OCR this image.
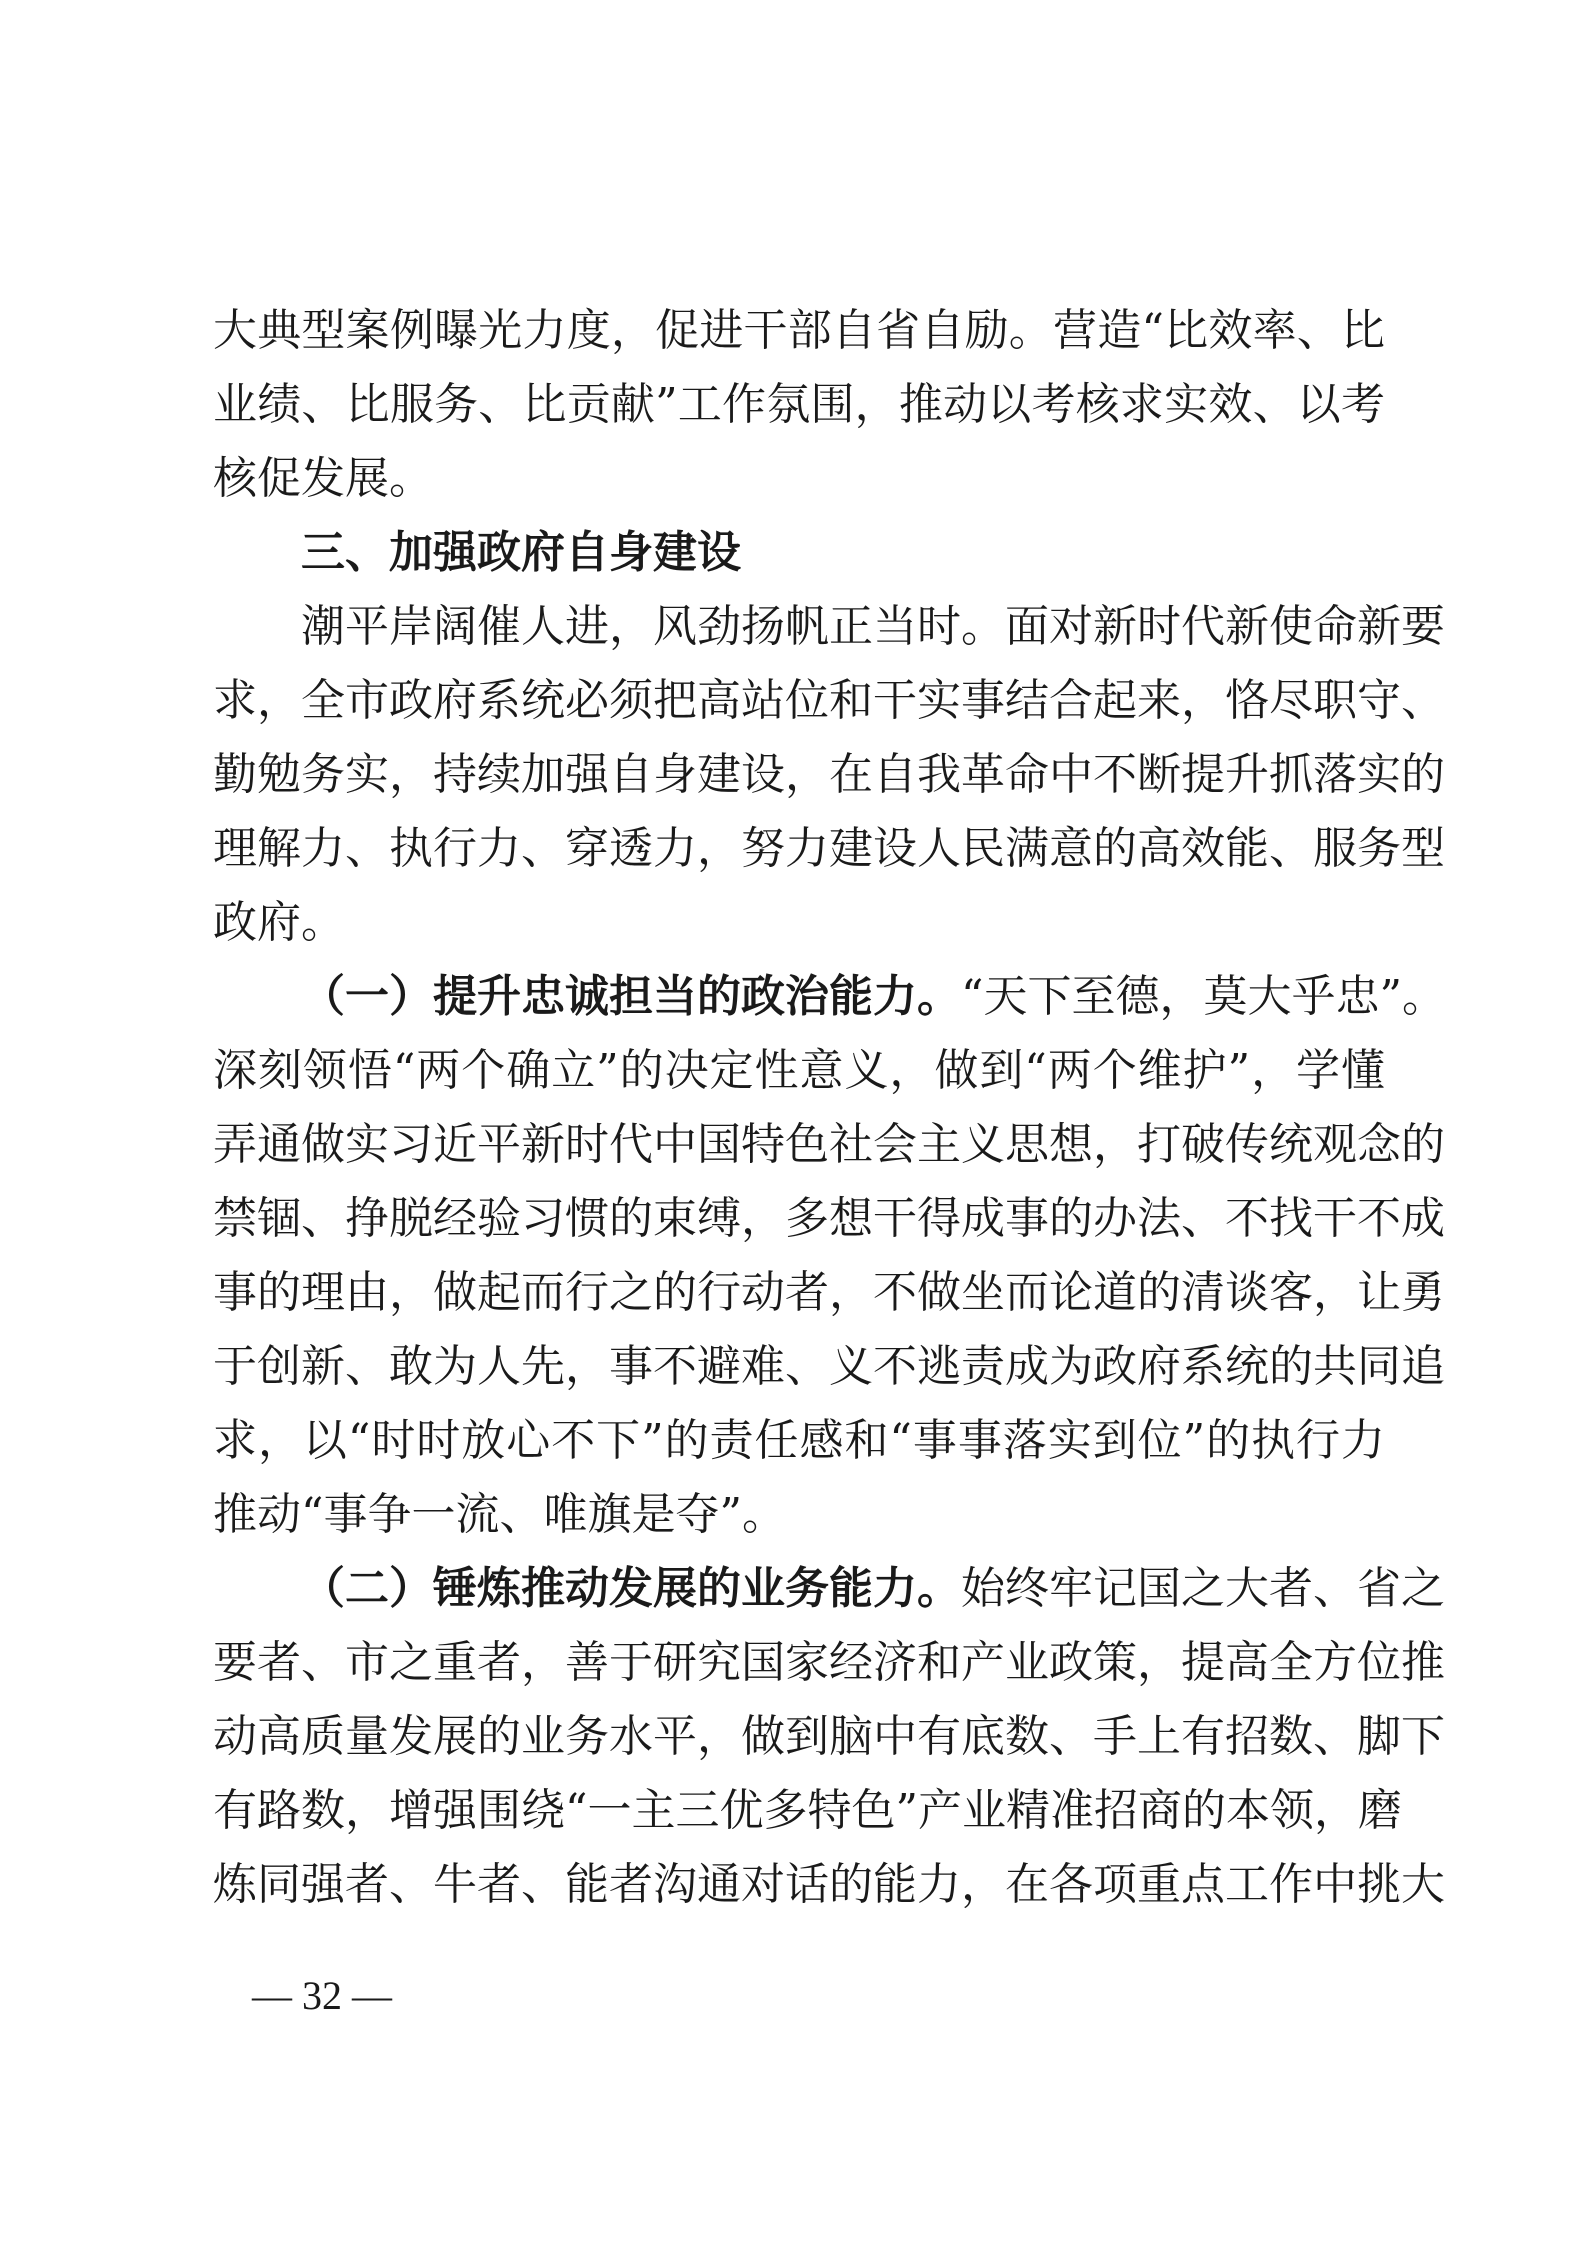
大典型案例曝光力度，促进干部自省自励。营造“比效率、比
业绩、比服务、比贡献”工作氛围，推动以考核求实效、以考
核促发展。
三、加强政府自身建设
潮平岸阔催人进，风劲扬帆正当时。面对新时代新使命新要
求，全市政府系统必须把高站位和干实事结合起来，恪尽职守、
勤勉务实，持续加强自身建设，在自我革命中不断提升抓落实的
理解力、执行力、穿透力，努力建设人民满意的高效能、服务型
政府。
（一）提升忠诚担当的政治能力。“天下至德，莫大乎忠”。
深刻领悟“两个确立”的决定性意义，做到“两个维护”，学懂
弄通做实习近平新时代中国特色社会主义思想，打破传统观念的
禁锢、挣脱经验习惯的束缚，多想干得成事的办法、不找干不成
事的理由，做起而行之的行动者，不做坐而论道的清谈客，让勇
于创新、敢为人先，事不避难、义不逃责成为政府系统的共同追
求，以“时时放心不下”的责任感和“事事落实到位”的执行力
推动“事争一流、唯旗是夺”。
（二）锤炼推动发展的业务能力。始终牢记国之大者、省之
要者、市之重者，善于研究国家经济和产业政策，提高全方位推
动高质量发展的业务水平，做到脑中有底数、手上有招数、脚下
有路数，增强围绕“一主三优多特色”产业精准招商的本领，磨
炼同强者、牛者、能者沟通对话的能力，在各项重点工作中挑大
— 32 —
